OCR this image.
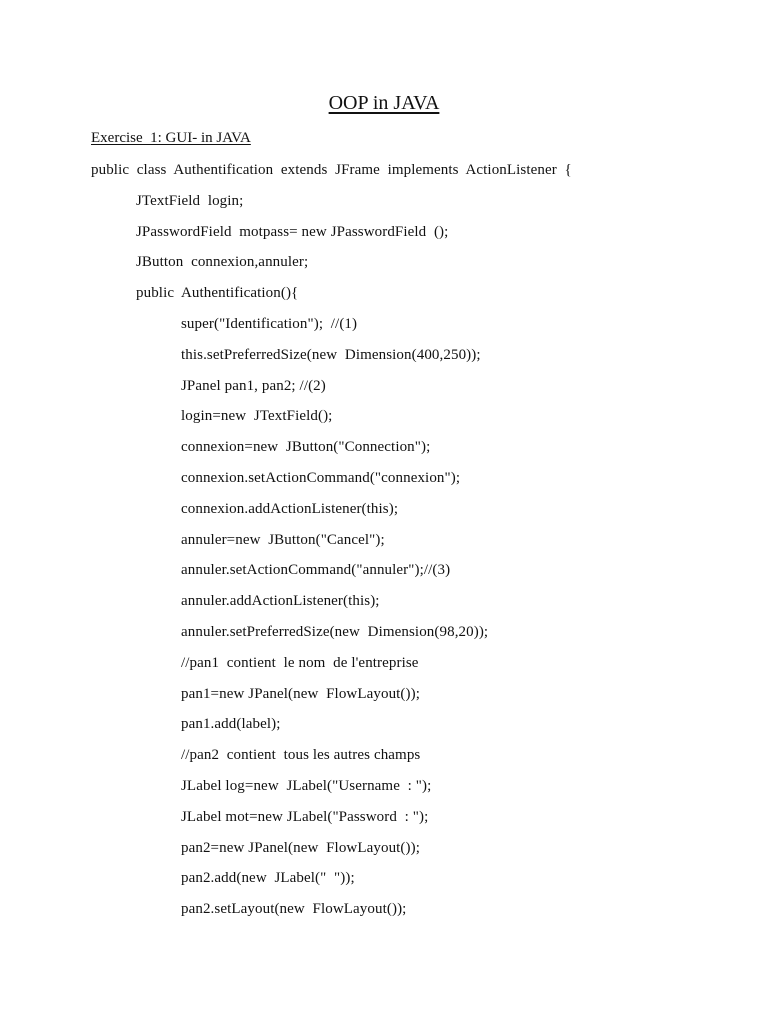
OOP in JAVA
Exercise  1: GUI- in JAVA
public  class  Authentification  extends  JFrame  implements  ActionListener  {
JTextField  login;
JPasswordField  motpass= new JPasswordField  ();
JButton  connexion,annuler;
public  Authentification(){
super("Identification");  //(1)
this.setPreferredSize(new  Dimension(400,250));
JPanel pan1, pan2; //(2)
login=new  JTextField();
connexion=new  JButton("Connection");
connexion.setActionCommand("connexion");
connexion.addActionListener(this);
annuler=new  JButton("Cancel");
annuler.setActionCommand("annuler");//(3)
annuler.addActionListener(this);
annuler.setPreferredSize(new  Dimension(98,20));
//pan1  contient  le nom  de l'entreprise
pan1=new JPanel(new  FlowLayout());
pan1.add(label);
//pan2  contient  tous les autres champs
JLabel log=new  JLabel("Username  : ");
JLabel mot=new JLabel("Password  : ");
pan2=new JPanel(new  FlowLayout());
pan2.add(new  JLabel("  "));
pan2.setLayout(new  FlowLayout());
